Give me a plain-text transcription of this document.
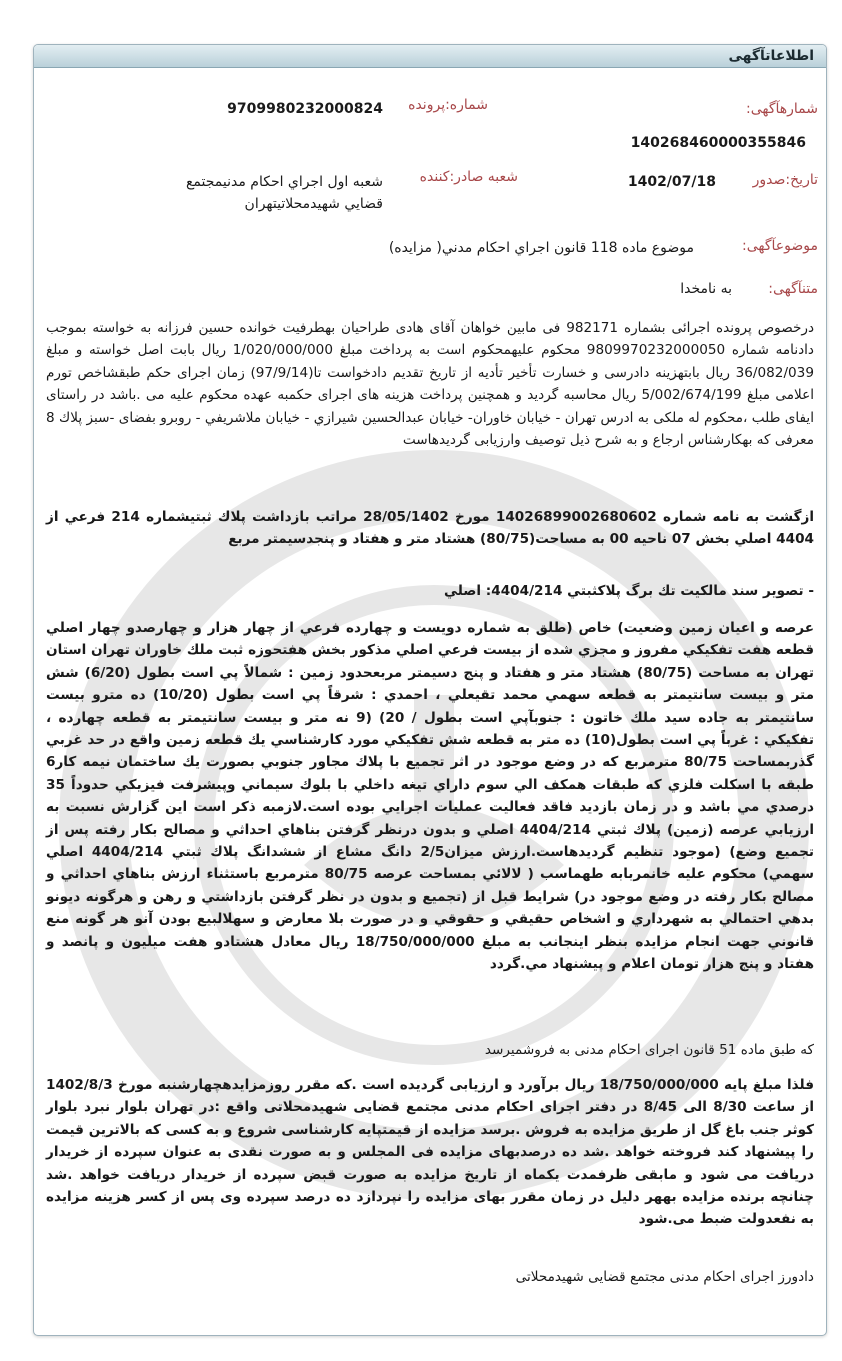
اطلاعاتآگهی
شمارهآگهی:
شماره:پرونده
9709980232000824
140268460000355846
تاریخ:صدور
1402/07/18
شعبه صادر:کننده
شعبه اول اجراي احكام مدنيمجتمع
قضايي شهيدمحلاتيتهران
موضوعآگهی:
موضوع ماده 118 قانون اجراي احكام مدني( مزايده)
متنآگهی:
به نامخدا
درخصوص پرونده اجرائی بشماره 982171 فی مابین خواهان آقای هادی طراحیان بهطرفیت خوانده حسین فرزانه به خواسته بموجب دادنامه شماره 9809970232000050 محکوم علیهمحکوم است به پرداخت مبلغ 1/020/000/000 ریال بابت اصل خواسته و مبلغ 36/082/039 ریال بابتهزینه دادرسی و خسارت تأخیر تأدیه از تاریخ تقدیم دادخواست تا(97/9/14) زمان اجرای حکم طبقشاخص تورم اعلامی مبلغ 5/002/674/199 ریال محاسبه گردید و همچنین پرداخت هزینه های اجرای حکمبه عهده محکوم علیه می .باشد در راستای ایفای طلب ،محکوم له ملکی به ادرس تهران - خیابان خاوران- خیابان عبدالحسین شیرازي - خیابان ملاشریفي - روبرو بفضای -سبز پلاك 8 معرفی که بهکارشناس ارجاع و به شرح ذیل توصیف وارزیابی گردیدهاست
ازگشت به نامه شماره 14026899002680602 مورخ 28/05/1402 مراتب بازداشت پلاك ثبتيشماره 214 فرعي از 4404 اصلي بخش 07 ناحيه 00 به مساحت(80/75) هشتاد متر و هفتاد و پنجدسيمتر مربع
- تصوير سند مالكيت تك برگ پلاكثبتي 4404/214: اصلي
عرصه و اعيان زمين وضعيت) خاص (طلق به شماره دويست و چهارده فرعي از چهار هزار و چهارصدو چهار اصلي قطعه هفت تفكيكي مفروز و مجزي شده از بيست فرعي اصلي مذكور بخش هفتحوزه ثبت ملك خاوران تهران استان تهران به مساحت (80/75) هشتاد متر و هفتاد و پنج دسيمتر مربعحدود زمين : شمالاً پي است بطول (6/20) شش متر و بيست سانتيمتر به قطعه سهمي محمد تقيعلي ، احمدي : شرقاً پي است بطول (10/20) ده مترو بيست سانتيمتر به جاده سيد ملك خاتون : جنوبآپي است بطول / 20) (9 نه متر و بيست سانتيمتر به قطعه چهارده ، تفكيكي : غرباً پي است بطول(10) ده متر به قطعه شش تفكيكي مورد كارشناسي يك قطعه زمين واقع در حد غربي گذربمساحت 80/75 مترمربع كه در وضع موجود در اثر تجميع با پلاك مجاور جنوبي بصورت يك ساختمان نيمه كار6 طبقه با اسكلت فلزي كه طبقات همكف الي سوم داراي تيغه داخلي با بلوك سيماني وپيشرفت فيزيكي حدوداً 35 درصدي مي باشد و در زمان بازديد فاقد فعاليت عمليات اجرايي بوده است.لازمبه ذكر است اين گزارش نسبت به ارزيابي عرصه (زمين) پلاك ثبتي 4404/214 اصلي و بدون درنظر گرفتن بناهاي احداثي و مصالح بكار رفته پس از تجميع وضع) (موجود تنظيم گرديدهاست.ارزش ميزان2/5 دانگ مشاع از ششدانگ پلاك ثبتي 4404/214 اصلي سهمي) محكوم عليه خانمربابه طهماسب ( لالائي بمساحت عرصه 80/75 مترمربع باستثناء ارزش بناهاي احداثي و مصالح بكار رفته در وضع موجود در) شرايط قبل از (تجميع و بدون در نظر گرفتن بازداشتي و رهن و هرگونه ديونو بدهي احتمالي به شهرداري و اشخاص حقيقي و حقوقي و در صورت بلا معارض و سهلالبيع بودن آنو هر گونه منع قانوني جهت انجام مزايده بنظر اينجانب به مبلغ 18/750/000/000 ريال معادل هشتادو هفت ميليون و پانصد و هفتاد و پنج هزار تومان اعلام و پيشنهاد مي.گردد
که طبق ماده 51 قانون اجرای احکام مدنی به فروشمیرسد
فلذا مبلغ پایه 18/750/000/000 ریال برآورد و ارزیابی گردیده است .که مقرر روزمزایدهچهارشنبه مورخ 1402/8/3 از ساعت 8/30 الی 8/45 در دفتر اجرای احکام مدنی مجتمع قضایی شهیدمحلاتی واقع :در تهران بلوار نبرد بلوار کوثر جنب باغ گل از طریق مزایده به فروش .برسد مزایده از قیمتپایه کارشناسی شروع و به کسی که بالاترین قیمت را پیشنهاد کند فروخته خواهد .شد ده درصدبهای مزایده فی المجلس و به صورت نقدی به عنوان سپرده از خریدار دریافت می شود و مابقی ظرفمدت یکماه از تاریخ مزایده به صورت قبض سپرده از خریدار دریافت خواهد .شد چنانچه برنده مزایده بههر دلیل در زمان مقرر بهای مزایده را نپردازد ده درصد سپرده وی پس از کسر هزینه مزایده به نفعدولت ضبط می.شود
دادورز اجرای احکام مدنی مجتمع قضایی شهیدمحلاتی
